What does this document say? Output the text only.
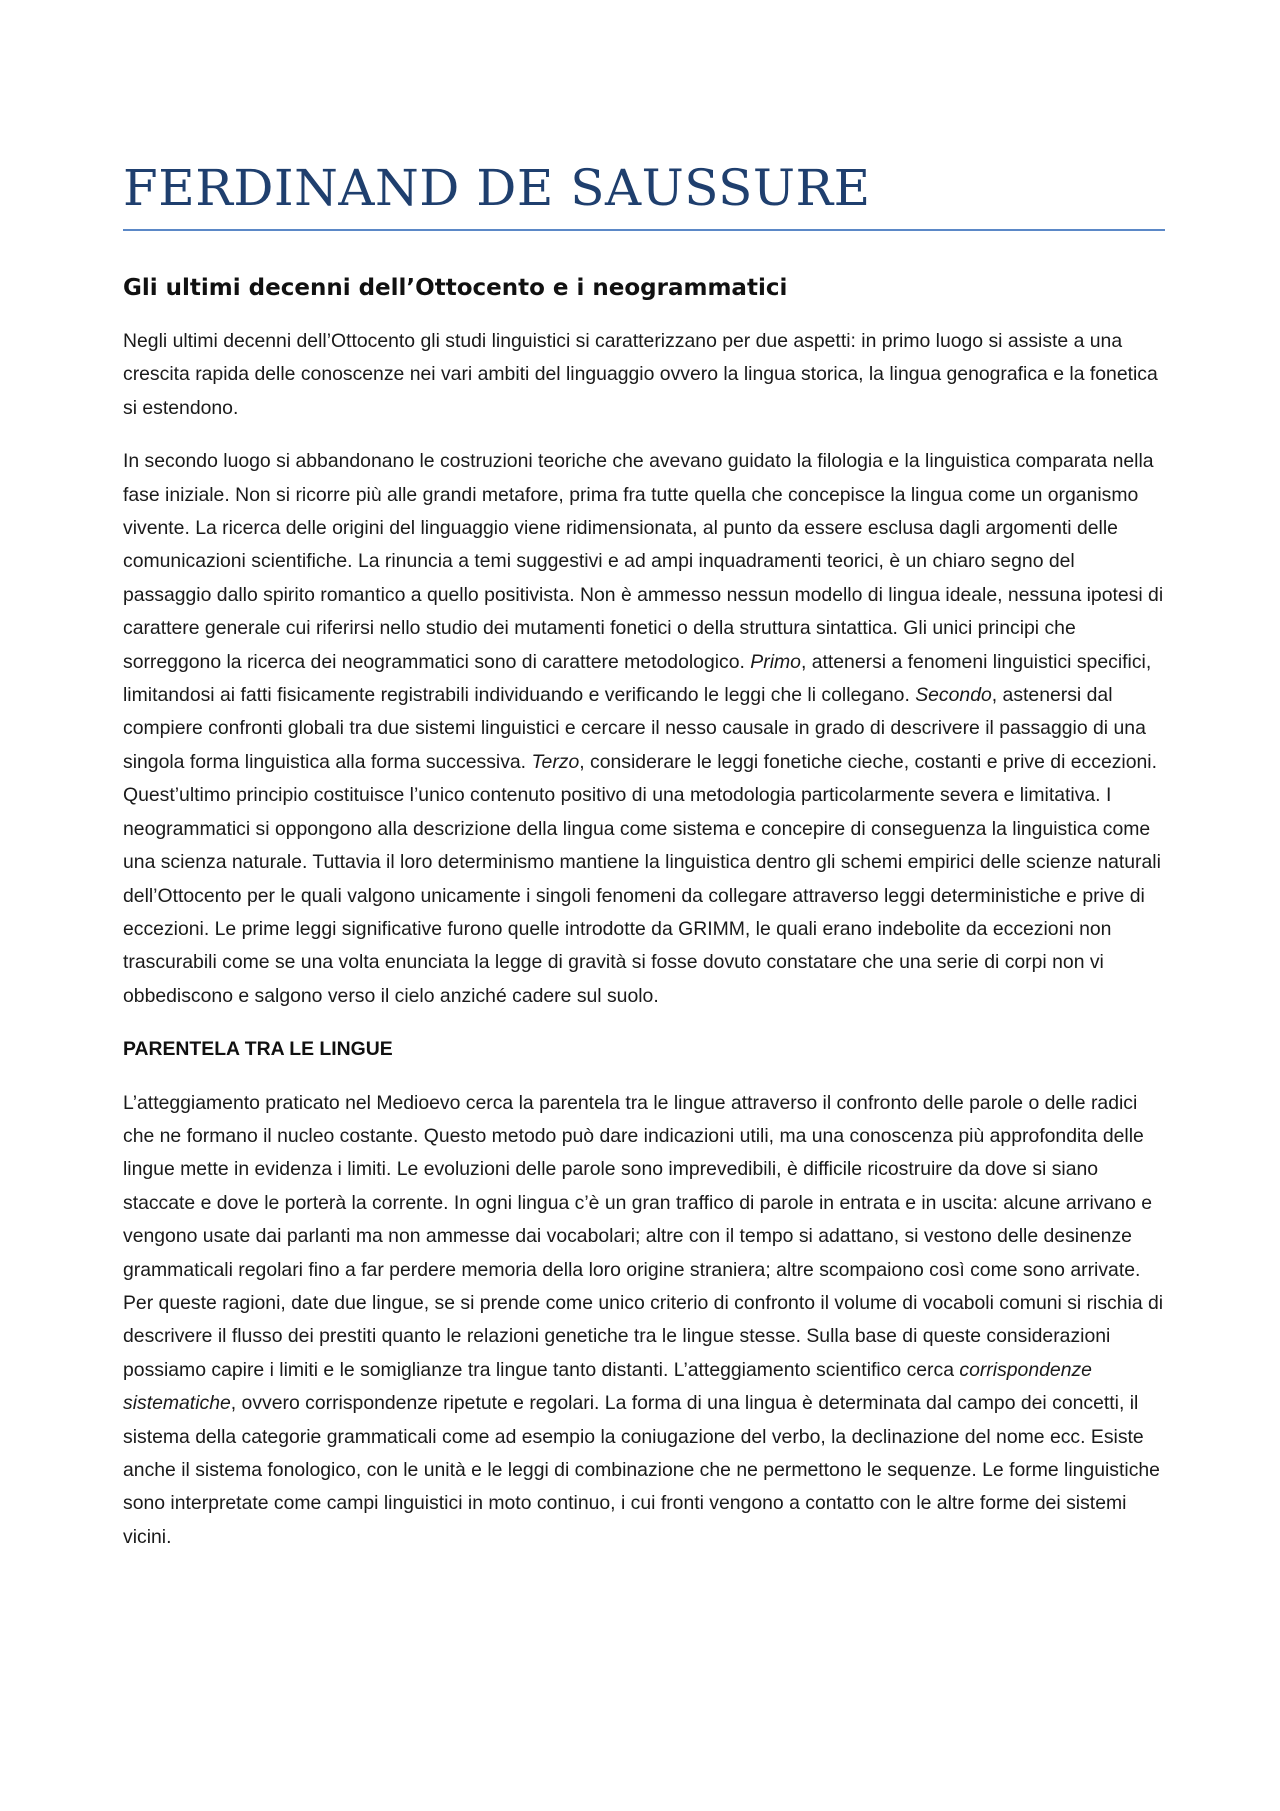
FERDINAND DE SAUSSURE
Gli ultimi decenni dell’Ottocento e i neogrammatici

Negli ultimi decenni dell’Ottocento gli studi linguistici si caratterizzano per due aspetti: in primo luogo si assiste a una crescita rapida delle conoscenze nei vari ambiti del linguaggio ovvero la lingua storica, la lingua genografica e la fonetica si estendono.

In secondo luogo si abbandonano le costruzioni teoriche che avevano guidato la filologia e la linguistica comparata nella fase iniziale. Non si ricorre più alle grandi metafore, prima fra tutte quella che concepisce la lingua come un organismo vivente. La ricerca delle origini del linguaggio viene ridimensionata, al punto da essere esclusa dagli argomenti delle comunicazioni scientifiche. La rinuncia a temi suggestivi e ad ampi inquadramenti teorici, è un chiaro segno del passaggio dallo spirito romantico a quello positivista. Non è ammesso nessun modello di lingua ideale, nessuna ipotesi di carattere generale cui riferirsi nello studio dei mutamenti fonetici o della struttura sintattica. Gli unici principi che sorreggono la ricerca dei neogrammatici sono di carattere metodologico. Primo, attenersi a fenomeni linguistici specifici, limitandosi ai fatti fisicamente registrabili individuando e verificando le leggi che li collegano. Secondo, astenersi dal compiere confronti globali tra due sistemi linguistici e cercare il nesso causale in grado di descrivere il passaggio di una singola forma linguistica alla forma successiva. Terzo, considerare le leggi fonetiche cieche, costanti e prive di eccezioni. Quest’ultimo principio costituisce l’unico contenuto positivo di una metodologia particolarmente severa e limitativa. I neogrammatici si oppongono alla descrizione della lingua come sistema e concepire di conseguenza la linguistica come una scienza naturale. Tuttavia il loro determinismo mantiene la linguistica dentro gli schemi empirici delle scienze naturali dell’Ottocento per le quali valgono unicamente i singoli fenomeni da collegare attraverso leggi deterministiche e prive di eccezioni. Le prime leggi significative furono quelle introdotte da GRIMM, le quali erano indebolite da eccezioni non trascurabili come se una volta enunciata la legge di gravità si fosse dovuto constatare che una serie di corpi non vi obbediscono e salgono verso il cielo anziché cadere sul suolo.

PARENTELA TRA LE LINGUE

L’atteggiamento praticato nel Medioevo cerca la parentela tra le lingue attraverso il confronto delle parole o delle radici che ne formano il nucleo costante. Questo metodo può dare indicazioni utili, ma una conoscenza più approfondita delle lingue mette in evidenza i limiti. Le evoluzioni delle parole sono imprevedibili, è difficile ricostruire da dove si siano staccate e dove le porterà la corrente. In ogni lingua c’è un gran traffico di parole in entrata e in uscita: alcune arrivano e vengono usate dai parlanti ma non ammesse dai vocabolari; altre con il tempo si adattano, si vestono delle desinenze grammaticali regolari fino a far perdere memoria della loro origine straniera; altre scompaiono così come sono arrivate. Per queste ragioni, date due lingue, se si prende come unico criterio di confronto il volume di vocaboli comuni si rischia di descrivere il flusso dei prestiti quanto le relazioni genetiche tra le lingue stesse. Sulla base di queste considerazioni possiamo capire i limiti e le somiglianze tra lingue tanto distanti. L’atteggiamento scientifico cerca corrispondenze sistematiche, ovvero corrispondenze ripetute e regolari. La forma di una lingua è determinata dal campo dei concetti, il sistema della categorie grammaticali come ad esempio la coniugazione del verbo, la declinazione del nome ecc. Esiste anche il sistema fonologico, con le unità e le leggi di combinazione che ne permettono le sequenze. Le forme linguistiche sono interpretate come campi linguistici in moto continuo, i cui fronti vengono a contatto con le altre forme dei sistemi vicini.
